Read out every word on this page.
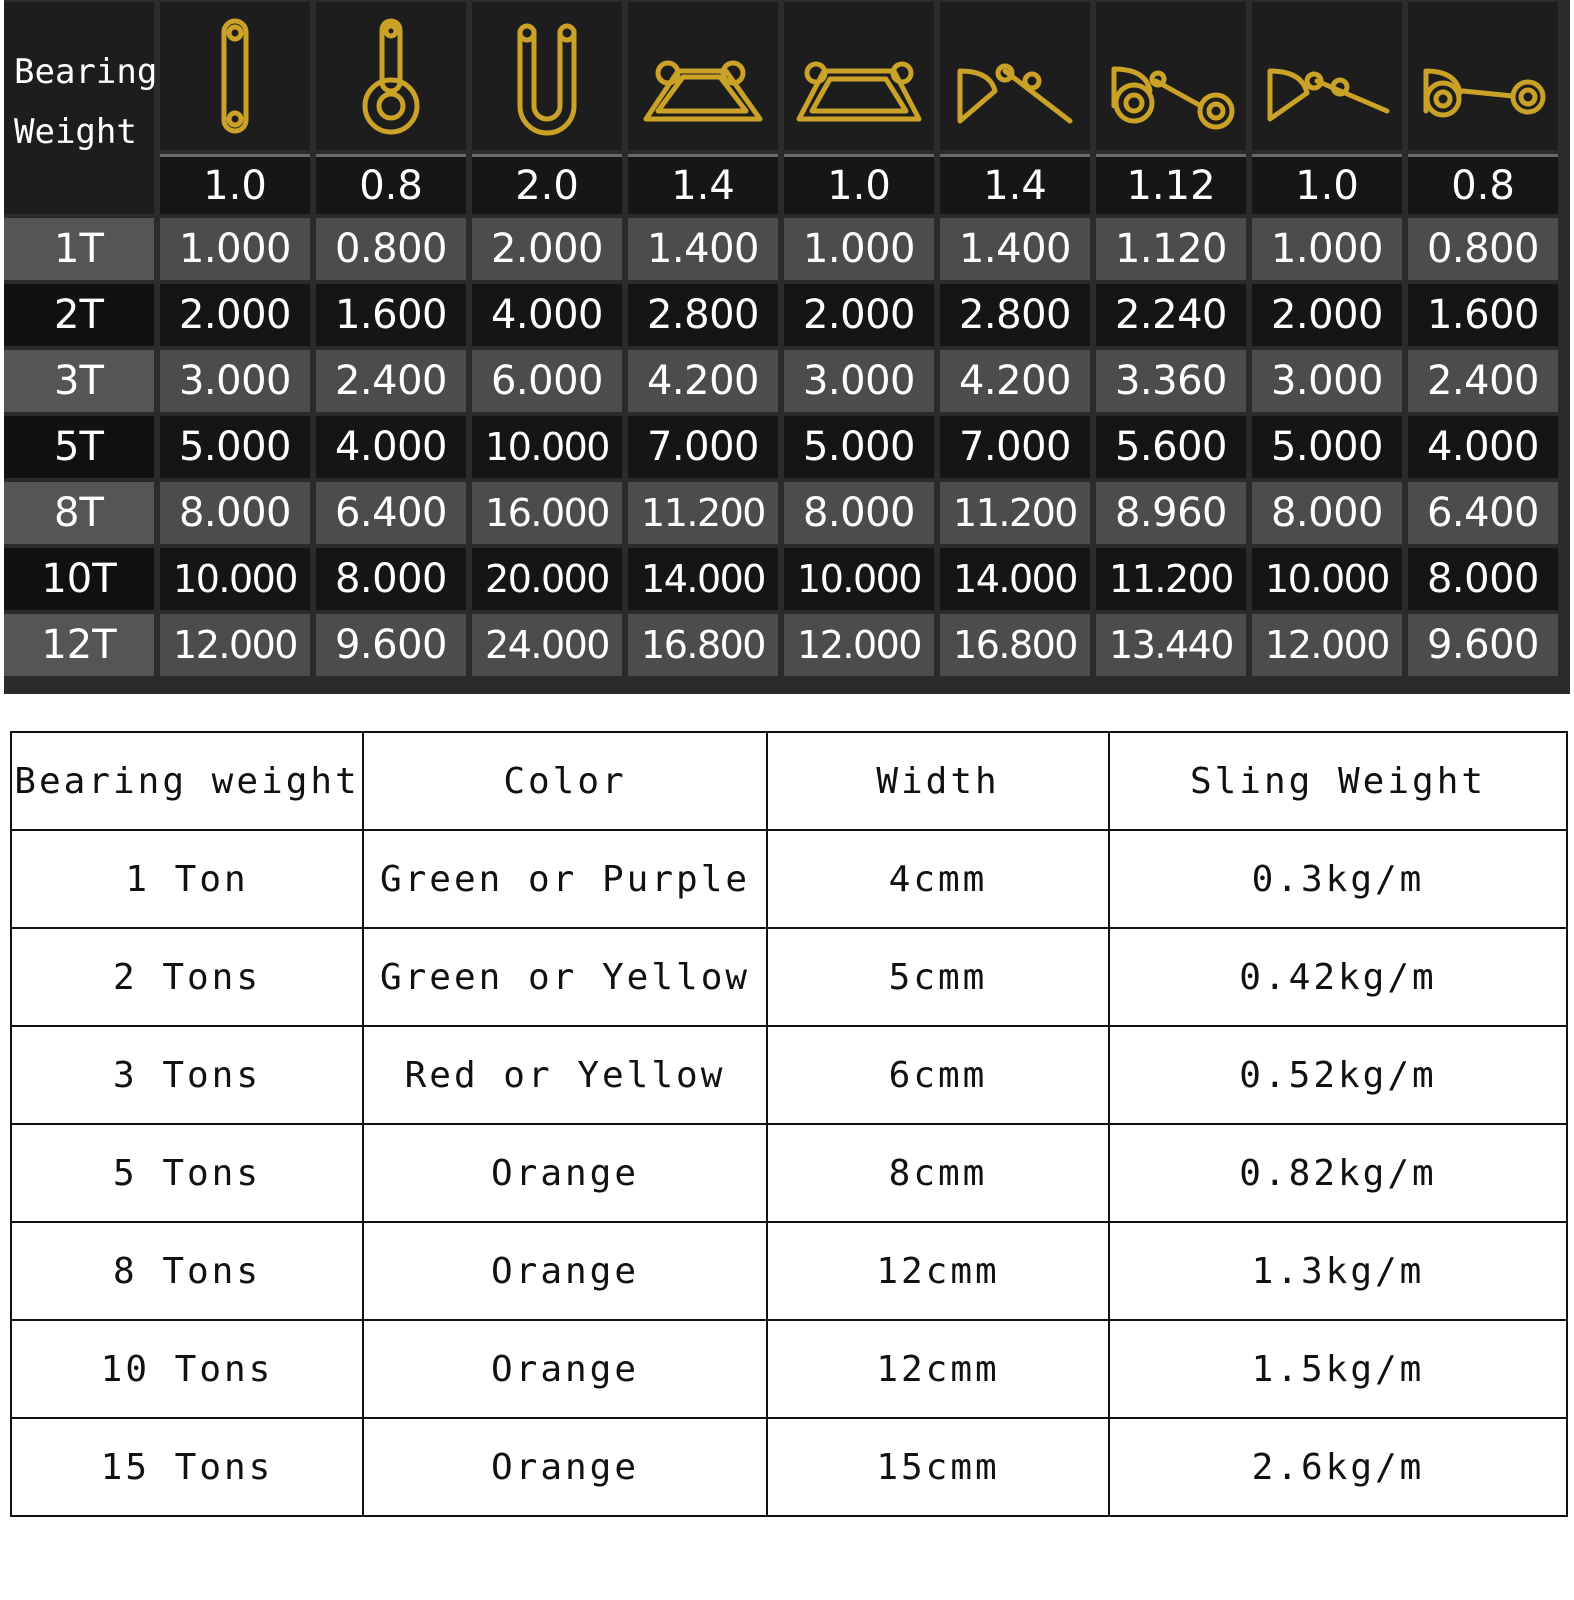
Bearing
Weight
1.0	0.8	2.0	1.4	1.0	1.4	1.12	1.0	0.8
1T	1.000	0.800	2.000	1.400	1.000	1.400	1.120	1.000	0.800
2T	2.000	1.600	4.000	2.800	2.000	2.800	2.240	2.000	1.600
3T	3.000	2.400	6.000	4.200	3.000	4.200	3.360	3.000	2.400
5T	5.000	4.000	10.000 7.000	5.000	7.000	5.600	5.000	4.000
8T	8.000	6.400	16.000 11.200 8.000	11.200 8.960	8.000	6.400
10T	10.000 8.000	20.000 14.000 10.000 14.000 11.200 10.000 8.000
12T	12.000 9.600	24.000 16.800 12.000 16.800 13.440 12.000 9.600
Bearing weight	Color	Width	Sling Weight
1 Ton	Green or Purple	4cmm	0.3kg/m
2 Tons	Green or Yellow	5cmm	0.42kg/m
3 Tons	Red or Yellow	6cmm	0.52kg/m
5 Tons	Orange	8cmm	0.82kg/m
8 Tons	Orange	12cmm	1.3kg/m
10 Tons	Orange	12cmm	1.5kg/m
15 Tons	Orange	15cmm	2.6kg/m
